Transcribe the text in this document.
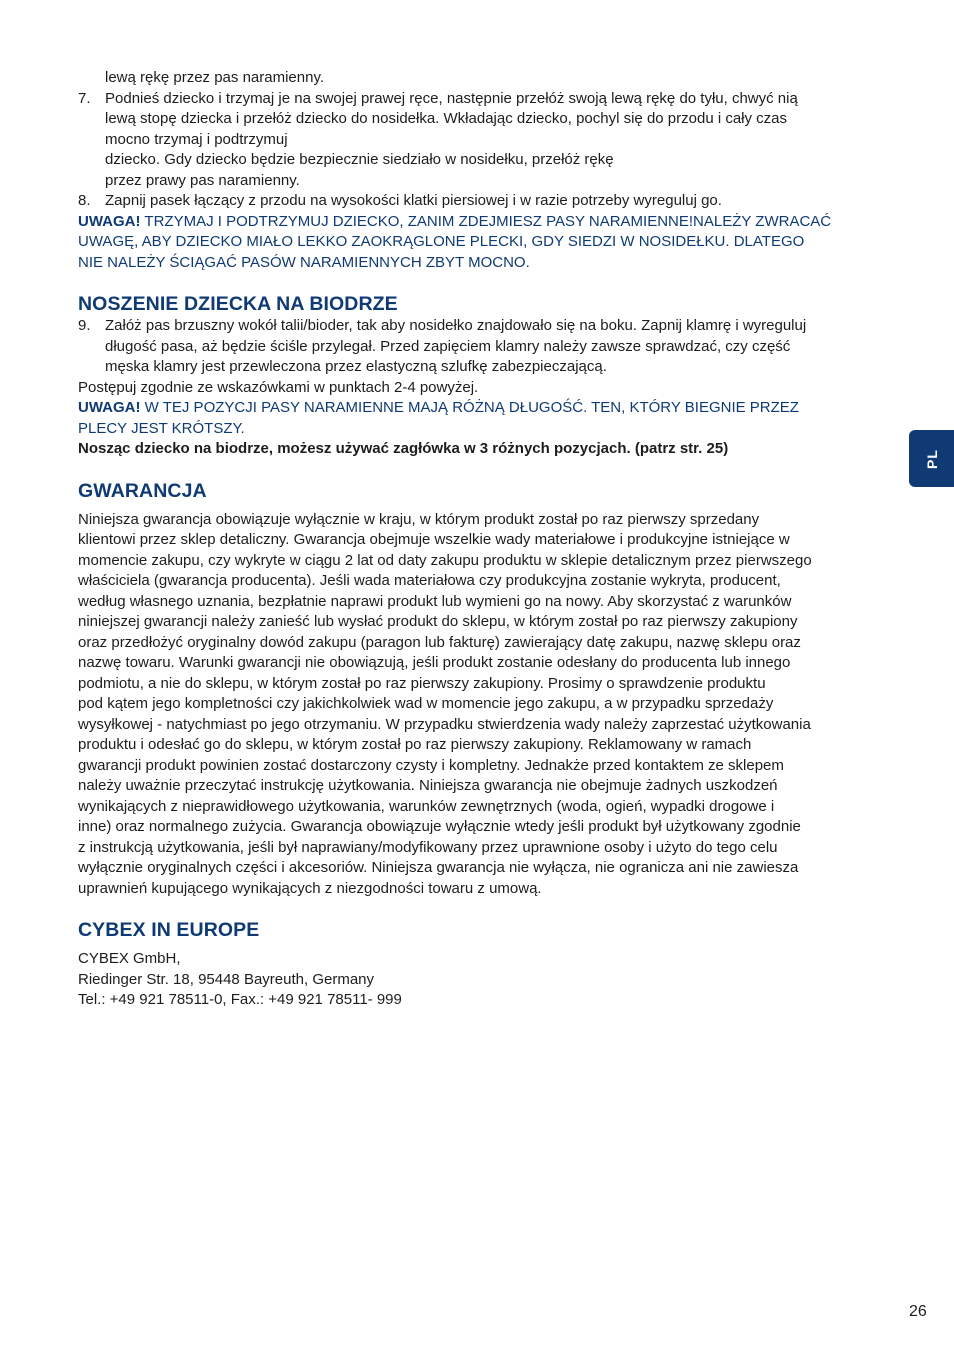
lewą rękę przez pas naramienny.

7. Podnieś dziecko i trzymaj je na swojej prawej ręce, następnie przełóż swoją lewą rękę do tyłu, chwyć nią

lewą stopę dziecka i przełóż dziecko do nosidełka. Wkładając dziecko, pochyl się do przodu i cały czas

mocno trzymaj i podtrzymuj

dziecko. Gdy dziecko będzie bezpiecznie siedziało w nosidełku, przełóż rękę

przez prawy pas naramienny.

8. Zapnij pasek łączący z przodu na wysokości klatki piersiowej i w razie potrzeby wyreguluj go.

UWAGA! TRZYMAJ I PODTRZYMUJ DZIECKO, ZANIM ZDEJMIESZ PASY NARAMIENNE!NALEŻY ZWRACAĆ

UWAGĘ, ABY DZIECKO MIAŁO LEKKO ZAOKRĄGLONE PLECKI, GDY SIEDZI W NOSIDEŁKU. DLATEGO

NIE NALEŻY ŚCIĄGAĆ PASÓW NARAMIENNYCH ZBYT MOCNO.

NOSZENIE DZIECKA NA BIODRZE
9. Załóż pas brzuszny wokół talii/bioder, tak aby nosidełko znajdowało się na boku. Zapnij klamrę i wyreguluj

długość pasa, aż będzie ściśle przylegał. Przed zapięciem klamry należy zawsze sprawdzać, czy część

męska klamry jest przewleczona przez elastyczną szlufkę zabezpieczającą.

Postępuj zgodnie ze wskazówkami w punktach 2-4 powyżej.

UWAGA! W TEJ POZYCJI PASY NARAMIENNE MAJĄ RÓŻNĄ DŁUGOŚĆ. TEN, KTÓRY BIEGNIE PRZEZ

PLECY JEST KRÓTSZY.

Nosząc dziecko na biodrze, możesz używać zagłówka w 3 różnych pozycjach. (patrz str. 25)

GWARANCJA

Niniejsza gwarancja obowiązuje wyłącznie w kraju, w którym produkt został po raz pierwszy sprzedany

klientowi przez sklep detaliczny. Gwarancja obejmuje wszelkie wady materiałowe i produkcyjne istniejące w

momencie zakupu, czy wykryte w ciągu 2 lat od daty zakupu produktu w sklepie detalicznym przez pierwszego

właściciela (gwarancja producenta). Jeśli wada materiałowa czy produkcyjna zostanie wykryta, producent,

według własnego uznania, bezpłatnie naprawi produkt lub wymieni go na nowy. Aby skorzystać z warunków

niniejszej gwarancji należy zanieść lub wysłać produkt do sklepu, w którym został po raz pierwszy zakupiony

oraz przedłożyć oryginalny dowód zakupu (paragon lub fakturę) zawierający datę zakupu, nazwę sklepu oraz

nazwę towaru. Warunki gwarancji nie obowiązują, jeśli produkt zostanie odesłany do producenta lub innego

podmiotu, a nie do sklepu, w którym został po raz pierwszy zakupiony. Prosimy o sprawdzenie produktu

pod kątem jego kompletności czy jakichkolwiek wad w momencie jego zakupu, a w przypadku sprzedaży

wysyłkowej - natychmiast po jego otrzymaniu. W przypadku stwierdzenia wady należy zaprzestać użytkowania

produktu i odesłać go do sklepu, w którym został po raz pierwszy zakupiony. Reklamowany w ramach

gwarancji produkt powinien zostać dostarczony czysty i kompletny. Jednakże przed kontaktem ze sklepem

należy uważnie przeczytać instrukcję użytkowania. Niniejsza gwarancja nie obejmuje żadnych uszkodzeń

wynikających z nieprawidłowego użytkowania, warunków zewnętrznych (woda, ogień, wypadki drogowe i

inne) oraz normalnego zużycia. Gwarancja obowiązuje wyłącznie wtedy jeśli produkt był użytkowany zgodnie

z instrukcją użytkowania, jeśli był naprawiany/modyfikowany przez uprawnione osoby i użyto do tego celu

wyłącznie oryginalnych części i akcesoriów. Niniejsza gwarancja nie wyłącza, nie ogranicza ani nie zawiesza

uprawnień kupującego wynikających z niezgodności towaru z umową.

CYBEX IN EUROPE

CYBEX GmbH,

Riedinger Str. 18, 95448 Bayreuth, Germany

Tel.: +49 921 78511-0, Fax.: +49 921 78511- 999

PL
26
